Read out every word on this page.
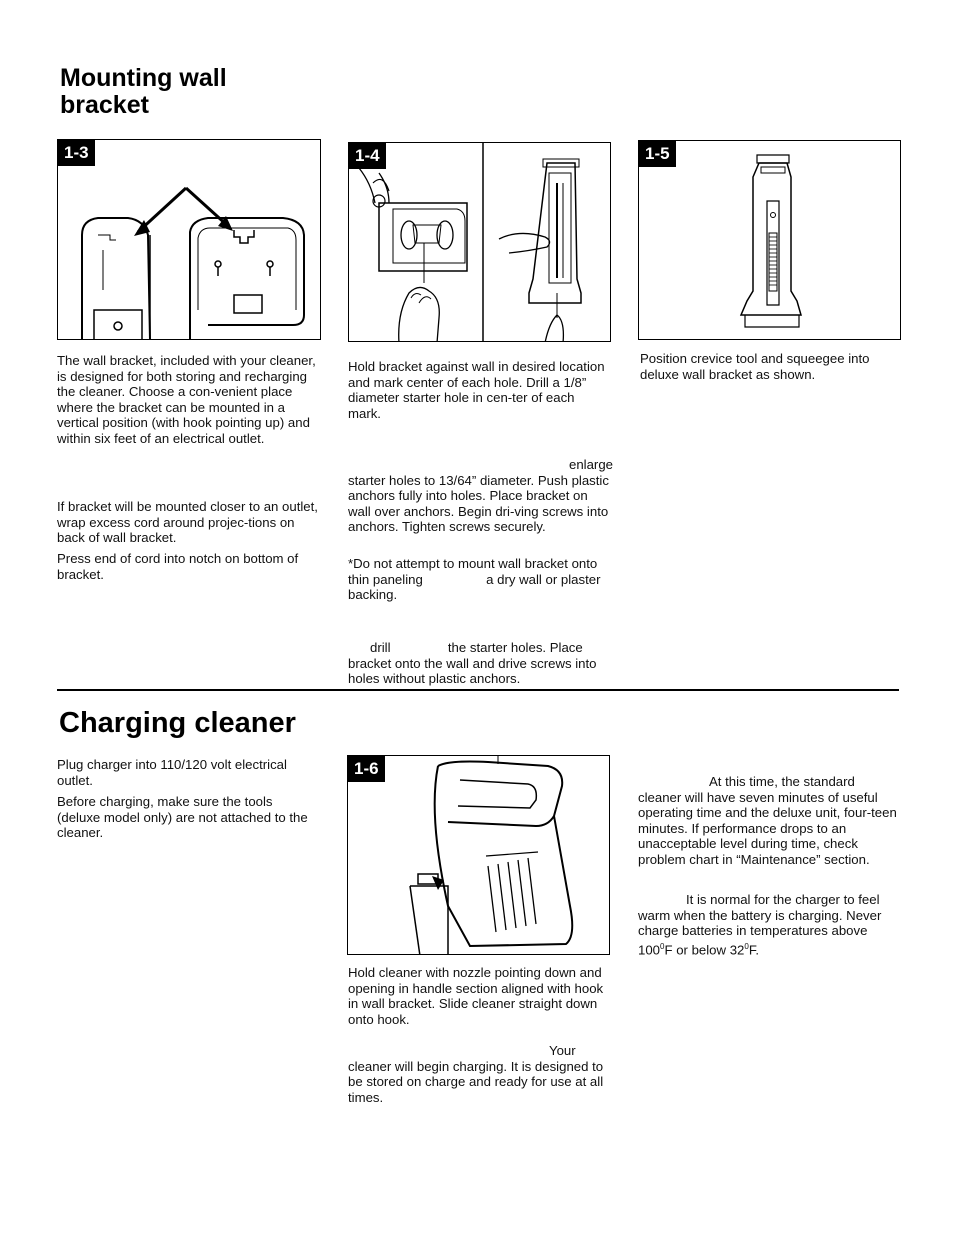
Mounting wall
bracket
1-3
The wall bracket, included with your cleaner, is designed for both storing and recharging the cleaner. Choose a con-venient place where the bracket can be mounted in a vertical position (with hook pointing up) and within six feet of an electrical outlet.
If bracket will be mounted closer to an outlet, wrap excess cord around projec-tions on back of wall bracket.
Press end of cord into notch on bottom of bracket.
1-4
Hold bracket against wall in desired location and mark center of each hole. Drill a 1/8” diameter starter hole in cen-ter of each mark.
enlarge starter holes to 13/64” diameter. Push plastic anchors fully into holes. Place bracket on wall over anchors. Begin dri-ving screws into anchors. Tighten screws securely.
*Do not attempt to mount wall bracket onto thin paneling	a dry wall or plaster backing.
drill	the starter holes. Place bracket onto the wall and drive screws into holes without plastic anchors.
1-5
Position crevice tool and squeegee into deluxe wall bracket as shown.
Charging cleaner
Plug charger into 110/120 volt electrical outlet.
Before charging, make sure the tools (deluxe model only) are not attached to the cleaner.
1-6
Hold cleaner with nozzle pointing down and opening in handle section aligned with hook in wall bracket. Slide cleaner straight down onto hook.
Your cleaner will begin charging. It is designed to be stored on charge and ready for use at all times.
At this time, the standard cleaner will have seven minutes of useful operating time and the deluxe unit, four-teen minutes. If performance drops to an unacceptable level during time, check problem chart in “Maintenance” section.
It is normal for the charger to feel warm when the battery is charging. Never charge batteries in temperatures above $100^0F$ or below $32^0F$.
